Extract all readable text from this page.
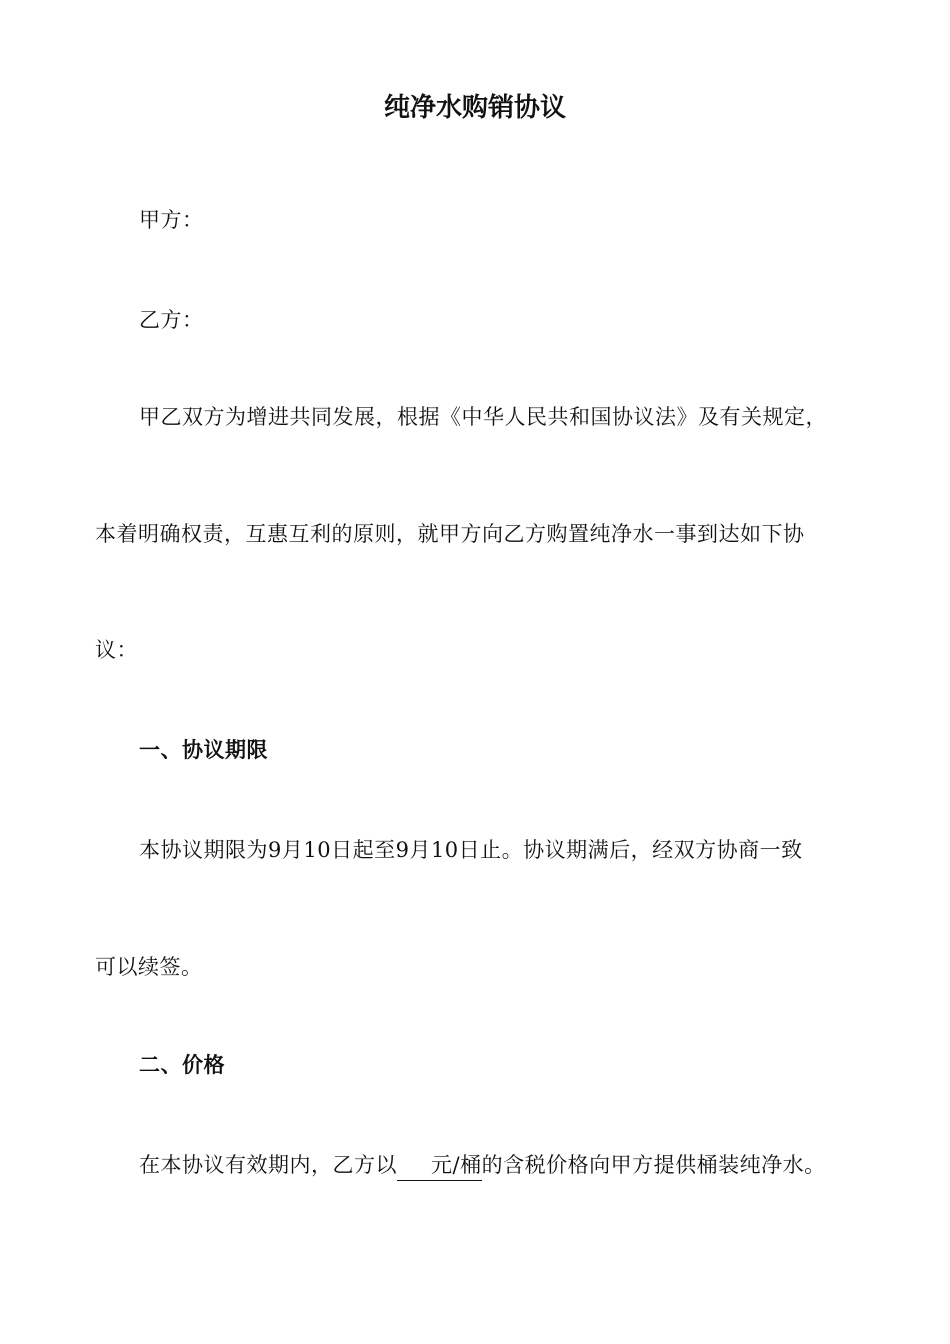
纯净水购销协议

甲方：

乙方：

甲乙双方为增进共同发展，根据《中华人民共和国协议法》及有关规定，

本着明确权责，互惠互利的原则，就甲方向乙方购置纯净水一事到达如下协

议：

一、协议期限

本协议期限为9月10日起至9月10日止。协议期满后，经双方协商一致

可以续签。

二、价格

在本协议有效期内，乙方以 元/桶的含税价格向甲方提供桶装纯净水。
